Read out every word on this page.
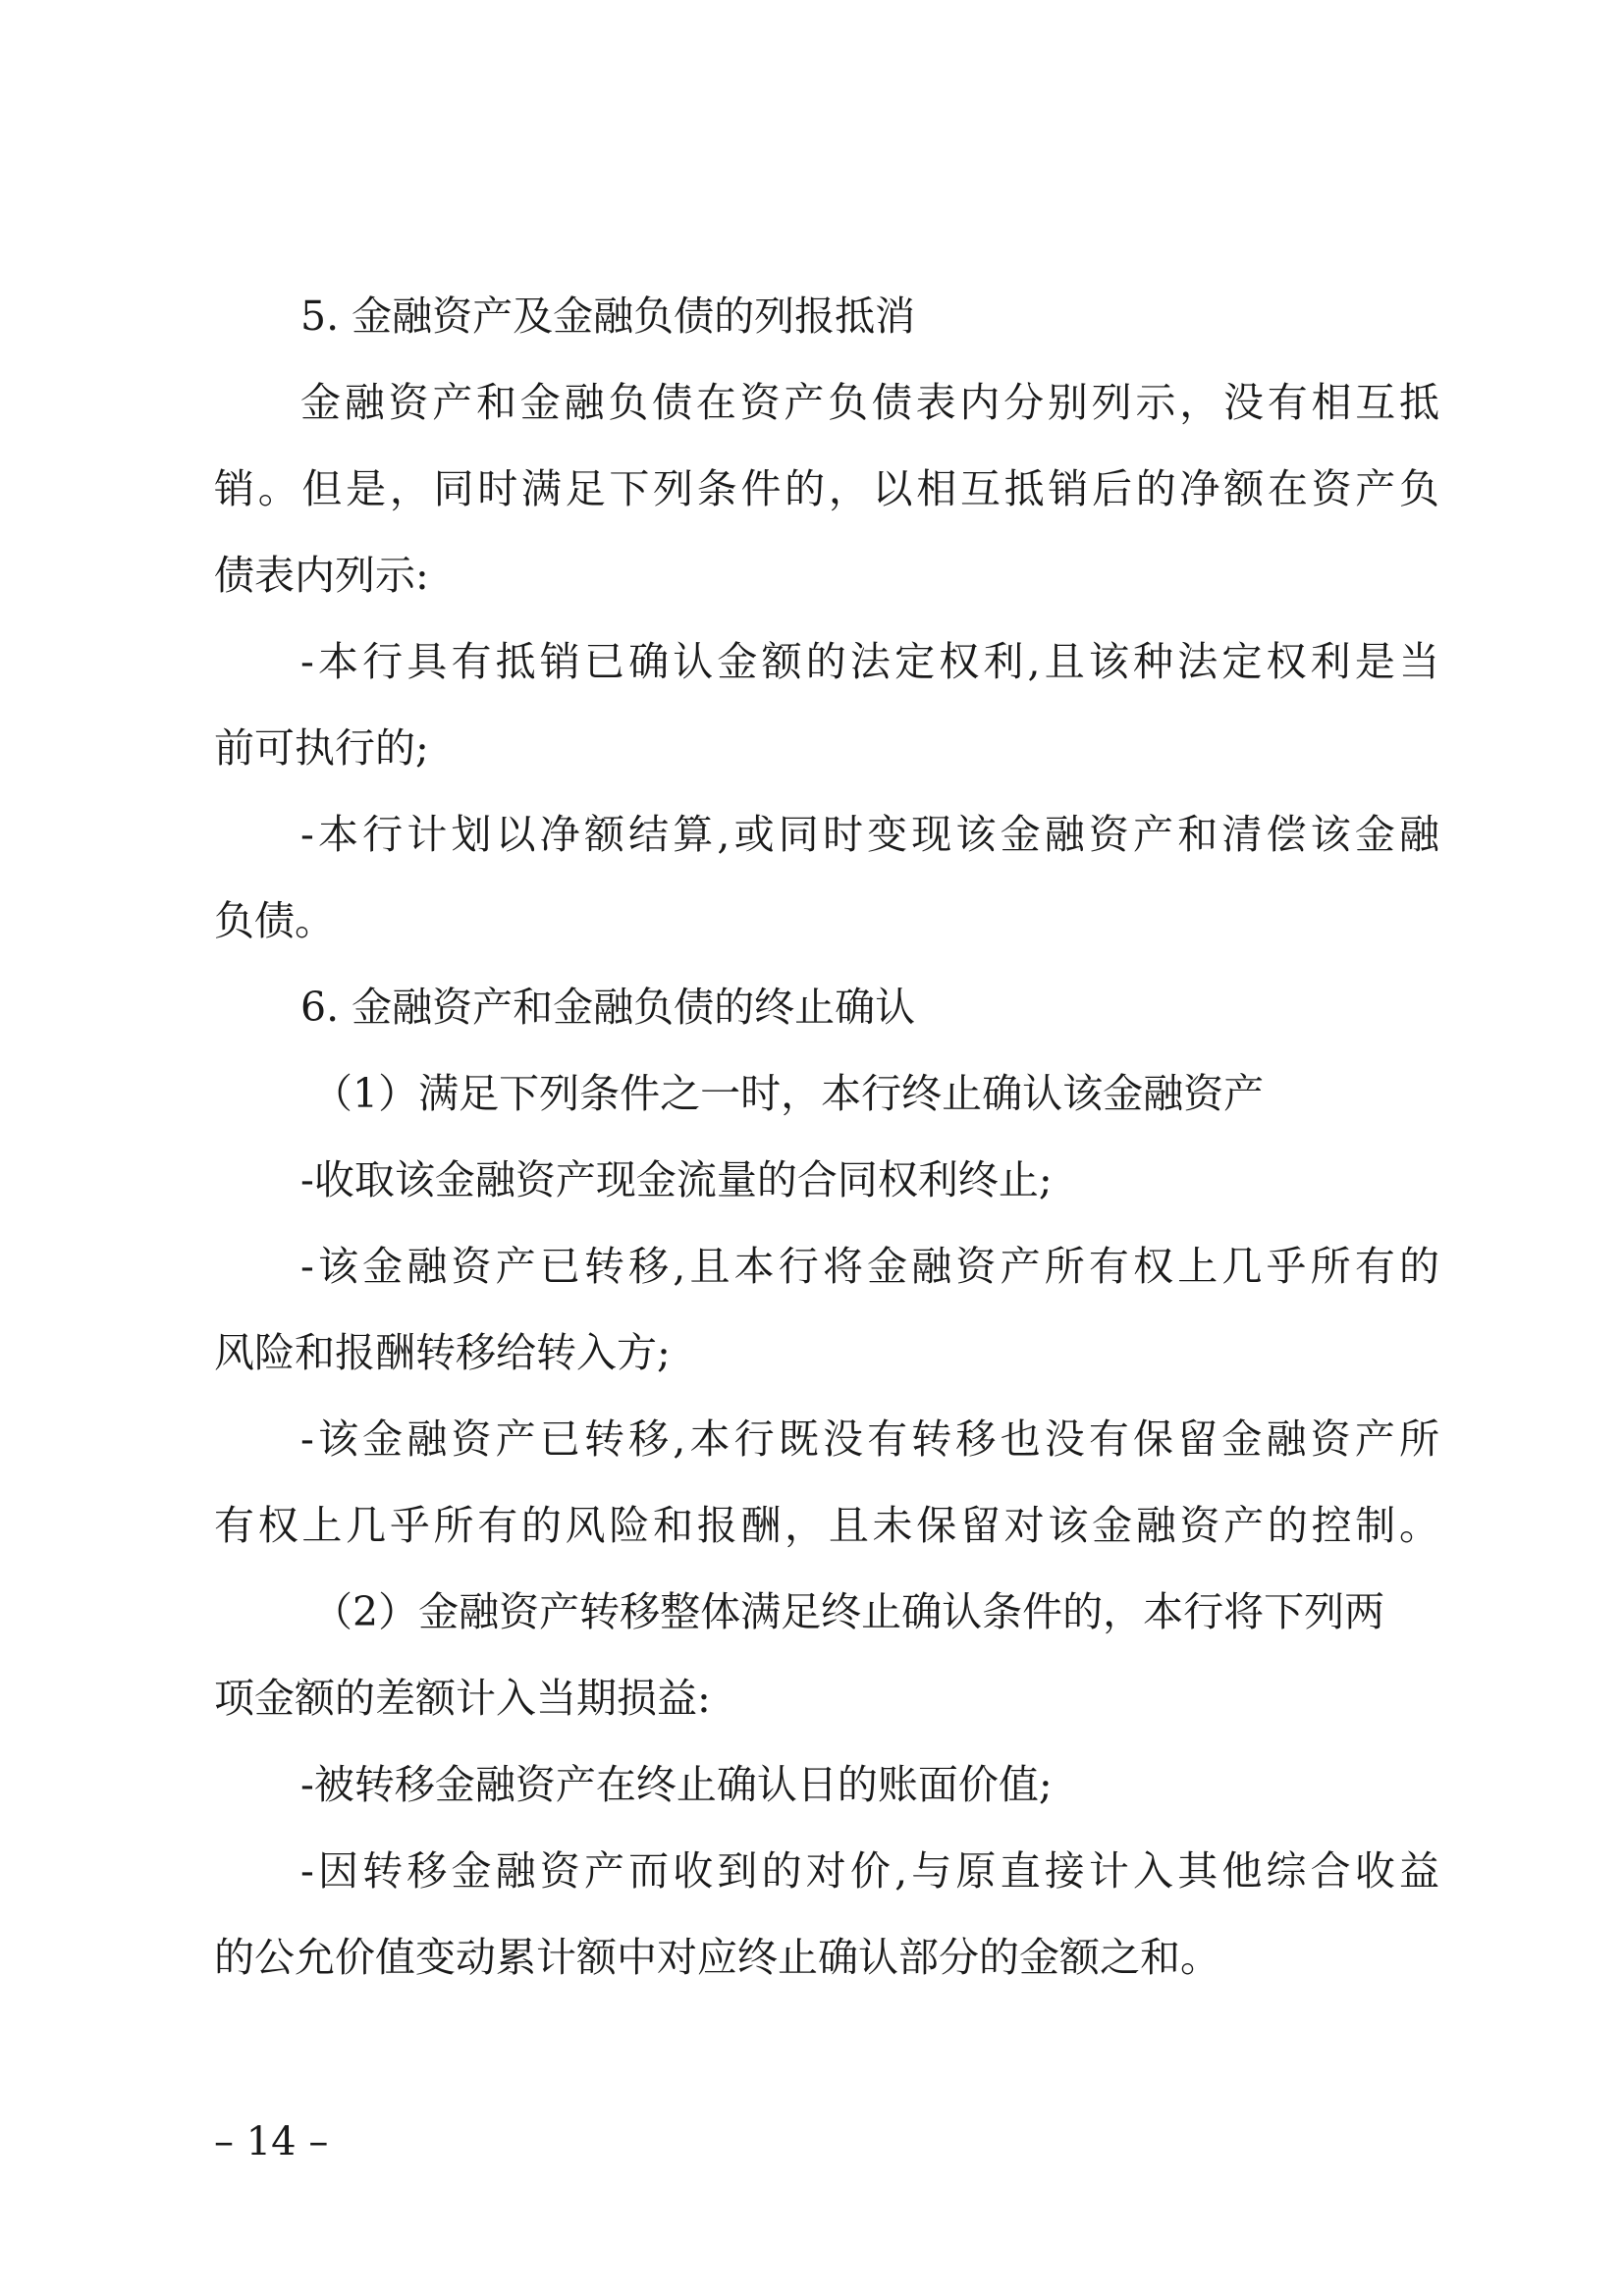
5. 金融资产及金融负债的列报抵消
金融资产和金融负债在资产负债表内分别列示，没有相互抵
销。但是，同时满足下列条件的，以相互抵销后的净额在资产负
债表内列示:
-本行具有抵销已确认金额的法定权利,且该种法定权利是当
前可执行的;
-本行计划以净额结算,或同时变现该金融资产和清偿该金融
负债。
6. 金融资产和金融负债的终止确认
（1）满足下列条件之一时，本行终止确认该金融资产
-收取该金融资产现金流量的合同权利终止;
-该金融资产已转移,且本行将金融资产所有权上几乎所有的
风险和报酬转移给转入方;
-该金融资产已转移,本行既没有转移也没有保留金融资产所
有权上几乎所有的风险和报酬，且未保留对该金融资产的控制。
（2）金融资产转移整体满足终止确认条件的，本行将下列两
项金额的差额计入当期损益:
-被转移金融资产在终止确认日的账面价值;
-因转移金融资产而收到的对价,与原直接计入其他综合收益
的公允价值变动累计额中对应终止确认部分的金额之和。
– 14 –
